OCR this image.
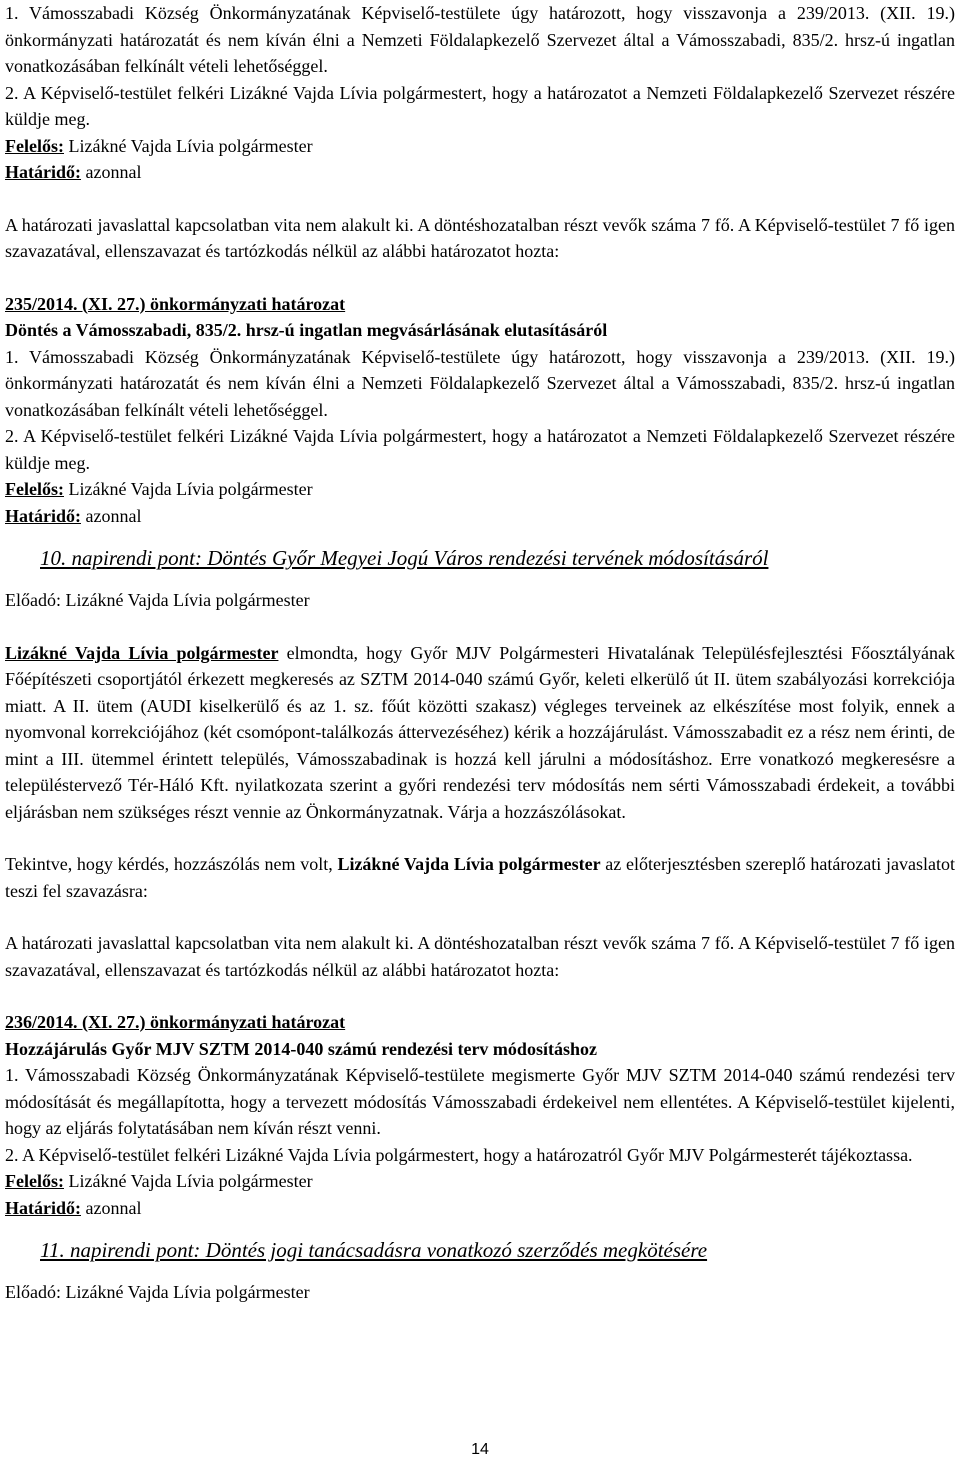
1. Vámosszabadi Község Önkormányzatának Képviselő-testülete úgy határozott, hogy visszavonja a 239/2013. (XII. 19.) önkormányzati határozatát és nem kíván élni a Nemzeti Földalapkezelő Szervezet által a Vámosszabadi, 835/2. hrsz-ú ingatlan vonatkozásában felkínált vételi lehetőséggel.

2. A Képviselő-testület felkéri Lizákné Vajda Lívia polgármestert, hogy a határozatot a Nemzeti Földalapkezelő Szervezet részére küldje meg.

Felelős: Lizákné Vajda Lívia polgármester

Határidő: azonnal

A határozati javaslattal kapcsolatban vita nem alakult ki. A döntéshozatalban részt vevők száma 7 fő. A Képviselő-testület 7 fő igen szavazatával, ellenszavazat és tartózkodás nélkül az alábbi határozatot hozta:

235/2014. (XI. 27.) önkormányzati határozat

Döntés a Vámosszabadi, 835/2. hrsz-ú ingatlan megvásárlásának elutasításáról

1. Vámosszabadi Község Önkormányzatának Képviselő-testülete úgy határozott, hogy visszavonja a 239/2013. (XII. 19.) önkormányzati határozatát és nem kíván élni a Nemzeti Földalapkezelő Szervezet által a Vámosszabadi, 835/2. hrsz-ú ingatlan vonatkozásában felkínált vételi lehetőséggel.

2. A Képviselő-testület felkéri Lizákné Vajda Lívia polgármestert, hogy a határozatot a Nemzeti Földalapkezelő Szervezet részére küldje meg.

Felelős: Lizákné Vajda Lívia polgármester

Határidő: azonnal

10. napirendi pont: Döntés Győr Megyei Jogú Város rendezési tervének módosításáról

Előadó: Lizákné Vajda Lívia polgármester

Lizákné Vajda Lívia polgármester elmondta, hogy Győr MJV Polgármesteri Hivatalának Településfejlesztési Főosztályának Főépítészeti csoportjától érkezett megkeresés az SZTM 2014-040 számú Győr, keleti elkerülő út II. ütem szabályozási korrekciója miatt. A II. ütem (AUDI kiselkerülő és az 1. sz. főút közötti szakasz) végleges terveinek az elkészítése most folyik, ennek a nyomvonal korrekciójához (két csomópont-találkozás áttervezéséhez) kérik a hozzájárulást. Vámosszabadit ez a rész nem érinti, de mint a III. ütemmel érintett település, Vámosszabadinak is hozzá kell járulni a módosításhoz. Erre vonatkozó megkeresésre a településtervező Tér-Háló Kft. nyilatkozata szerint a győri rendezési terv módosítás nem sérti Vámosszabadi érdekeit, a további eljárásban nem szükséges részt vennie az Önkormányzatnak. Várja a hozzászólásokat.

Tekintve, hogy kérdés, hozzászólás nem volt, Lizákné Vajda Lívia polgármester az előterjesztésben szereplő határozati javaslatot teszi fel szavazásra:

A határozati javaslattal kapcsolatban vita nem alakult ki. A döntéshozatalban részt vevők száma 7 fő. A Képviselő-testület 7 fő igen szavazatával, ellenszavazat és tartózkodás nélkül az alábbi határozatot hozta:

236/2014. (XI. 27.) önkormányzati határozat

Hozzájárulás Győr MJV SZTM 2014-040 számú rendezési terv módosításhoz

1. Vámosszabadi Község Önkormányzatának Képviselő-testülete megismerte Győr MJV SZTM 2014-040 számú rendezési terv módosítását és megállapította, hogy a tervezett módosítás Vámosszabadi érdekeivel nem ellentétes. A Képviselő-testület kijelenti, hogy az eljárás folytatásában nem kíván részt venni.

2. A Képviselő-testület felkéri Lizákné Vajda Lívia polgármestert, hogy a határozatról Győr MJV Polgármesterét tájékoztassa.

Felelős: Lizákné Vajda Lívia polgármester

Határidő: azonnal

11. napirendi pont: Döntés jogi tanácsadásra vonatkozó szerződés megkötésére

Előadó: Lizákné Vajda Lívia polgármester

14
